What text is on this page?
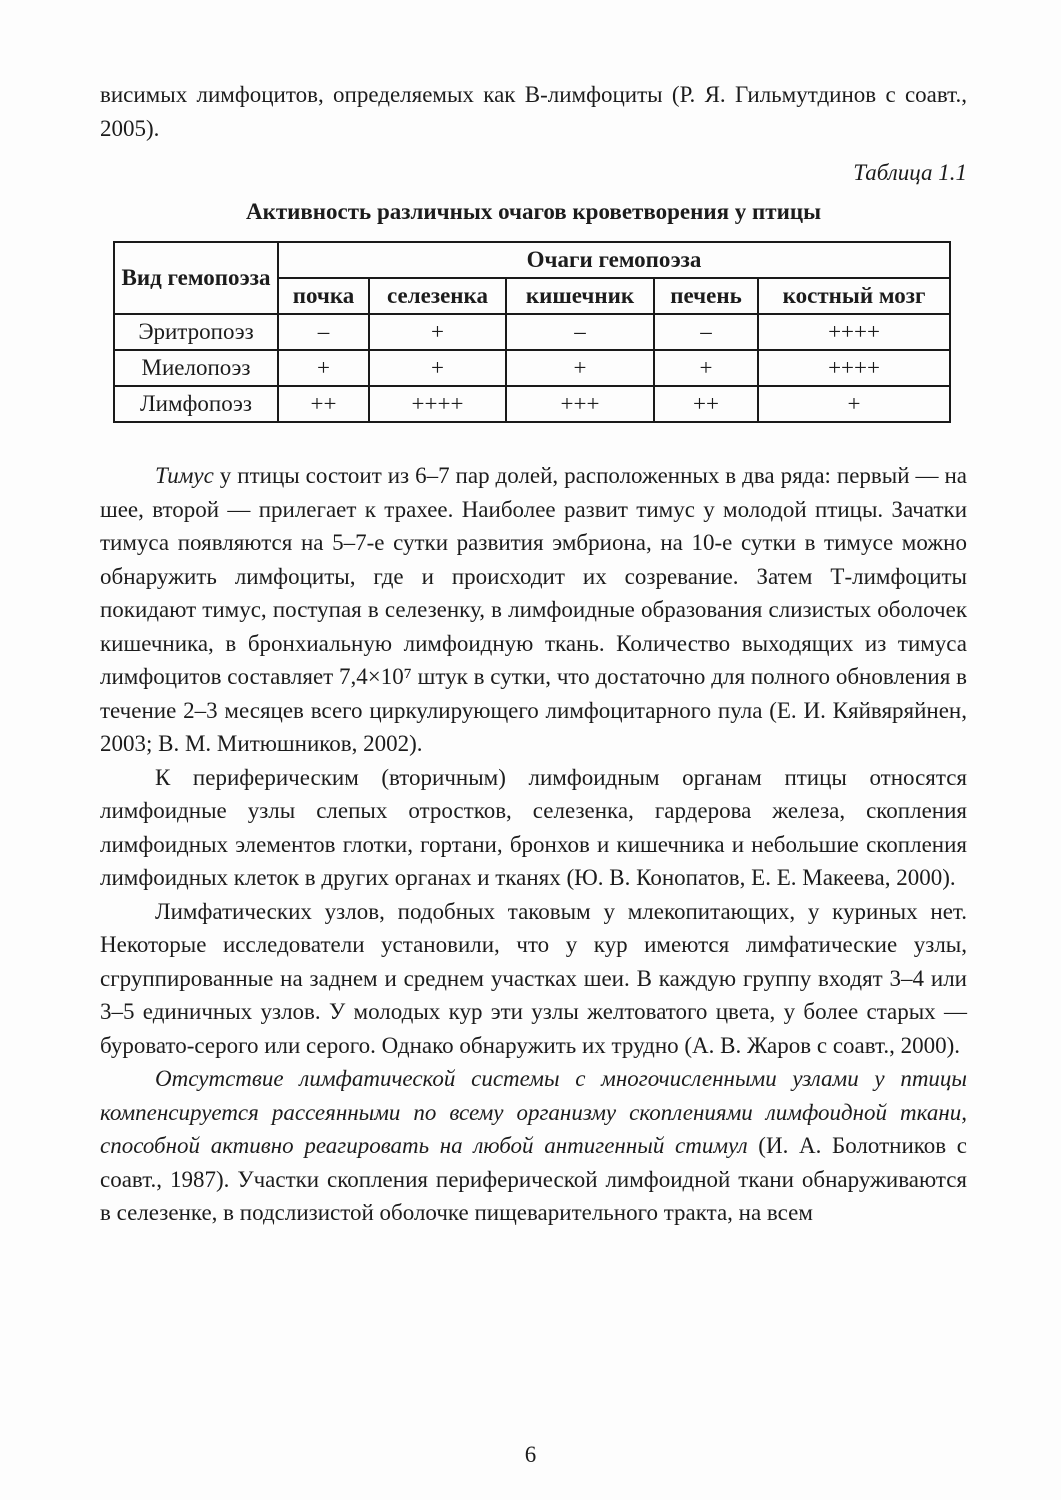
висимых лимфоцитов, определяемых как В-лимфоциты (Р. Я. Гильмутдинов с соавт., 2005).

Таблица 1.1

Активность различных очагов кроветворения у птицы

Вид гемопоэза	Очаги гемопоэза				
	почка	селезенка	кишечник	печень	костный мозг
Эритропоэз	–	+	–	–	++++
Миелопоэз	+	+	+	+	++++
Лимфопоэз	++	++++	+++	++	+

Тимус у птицы состоит из 6–7 пар долей, расположенных в два ряда: первый — на шее, второй — прилегает к трахее. Наиболее развит тимус у молодой птицы. Зачатки тимуса появляются на 5–7-е сутки развития эмбриона, на 10-е сутки в тимусе можно обнаружить лимфоциты, где и происходит их созревание. Затем Т-лимфоциты покидают тимус, поступая в селезенку, в лимфоидные образования слизистых оболочек кишечника, в бронхиальную лимфоидную ткань. Количество выходящих из тимуса лимфоцитов составляет 7,4×10⁷ штук в сутки, что достаточно для полного обновления в течение 2–3 месяцев всего циркулирующего лимфоцитарного пула (Е. И. Кяйвяряйнен, 2003; В. М. Митюшников, 2002).

К периферическим (вторичным) лимфоидным органам птицы относятся лимфоидные узлы слепых отростков, селезенка, гардерова железа, скопления лимфоидных элементов глотки, гортани, бронхов и кишечника и небольшие скопления лимфоидных клеток в других органах и тканях (Ю. В. Конопатов, Е. Е. Макеева, 2000).

Лимфатических узлов, подобных таковым у млекопитающих, у куриных нет. Некоторые исследователи установили, что у кур имеются лимфатические узлы, сгруппированные на заднем и среднем участках шеи. В каждую группу входят 3–4 или 3–5 единичных узлов. У молодых кур эти узлы желтоватого цвета, у более старых — буровато-серого или серого. Однако обнаружить их трудно (А. В. Жаров с соавт., 2000).

Отсутствие лимфатической системы с многочисленными узлами у птицы компенсируется рассеянными по всему организму скоплениями лимфоидной ткани, способной активно реагировать на любой антигенный стимул (И. А. Болотников с соавт., 1987). Участки скопления периферической лимфоидной ткани обнаруживаются в селезенке, в подслизистой оболочке пищеварительного тракта, на всем

6
